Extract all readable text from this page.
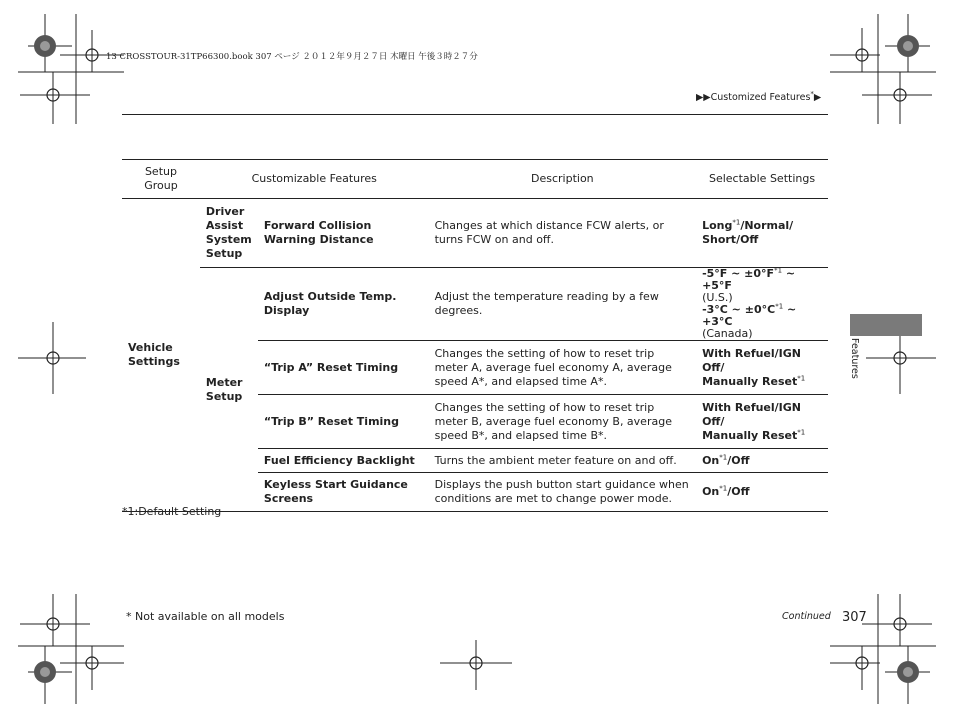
13 CROSSTOUR-31TP66300.book 307 ページ ２０１２年９月２７日 木曜日 午後３時２７分
▶▶Customized Features*▶
Setup Group	Customizable Features		Description	Selectable Settings
Vehicle Settings	Driver Assist System Setup	Forward Collision Warning Distance	Changes at which distance FCW alerts, or turns FCW on and off.	Long$^{*1}$/Normal/
Short/Off
	Meter Setup	Adjust Outside Temp. Display	Adjust the temperature reading by a few degrees.	-5°F ~ $\pm 0^\circ F^{*1}$ ~ +5°F
(U.S.)
-3°C ~ $\pm 0^\circ C^{*1}$ ~ +3°C
(Canada)
		“Trip A” Reset Timing	Changes the setting of how to reset trip meter A, average fuel economy A, average speed A*, and elapsed time A*.	With Refuel/IGN Off/
Manually Reset$^{*1}$
		“Trip B” Reset Timing	Changes the setting of how to reset trip meter B, average fuel economy B, average speed B*, and elapsed time B*.	With Refuel/IGN Off/
Manually Reset$^{*1}$
		Fuel Efficiency Backlight	Turns the ambient meter feature on and off.	On$^{*1}$/Off
		Keyless Start Guidance Screens	Displays the push button start guidance when conditions are met to change power mode.	On$^{*1}$/Off
*1:Default Setting
Features
* Not available on all models	Continued 307
